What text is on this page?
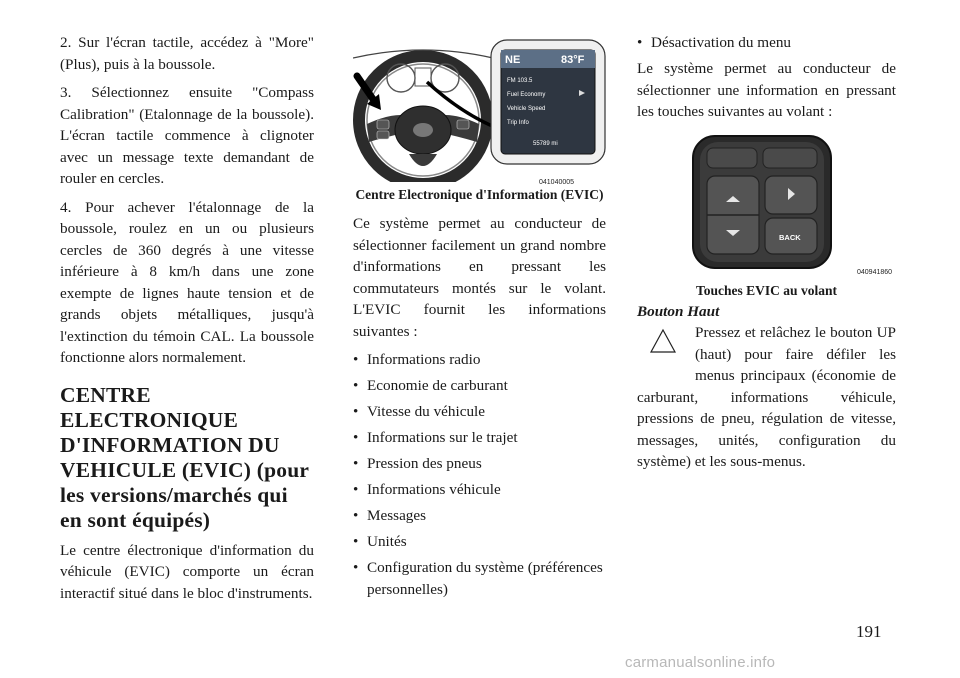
2. Sur l'écran tactile, accédez à "More" (Plus), puis à la boussole.

3. Sélectionnez ensuite "Compass Calibration" (Etalonnage de la boussole). L'écran tactile commence à clignoter avec un message texte demandant de rouler en cercles.

4. Pour achever l'étalonnage de la boussole, roulez en un ou plusieurs cercles de 360 degrés à une vitesse inférieure à 8 km/h dans une zone exempte de lignes haute tension et de grands objets métalliques, jusqu'à l'extinction du témoin CAL. La boussole fonctionne alors normalement.

CENTRE ELECTRONIQUE D'INFORMATION DU VEHICULE (EVIC) (pour les versions/marchés qui en sont équipés)

Le centre électronique d'information du véhicule (EVIC) comporte un écran interactif situé dans le bloc d'instruments.

NE	83°F
FM 103.5
Fuel Economy
Vehicle Speed
Trip Info
55789 mi
041040005
Centre Electronique d'Information (EVIC)

Ce système permet au conducteur de sélectionner facilement un grand nombre d'informations en pressant les commutateurs montés sur le volant. L'EVIC fournit les informations suivantes :

• Informations radio
• Economie de carburant
• Vitesse du véhicule
• Informations sur le trajet
• Pression des pneus
• Informations véhicule
• Messages
• Unités
• Configuration du système (préférences personnelles)
• Désactivation du menu

Le système permet au conducteur de sélectionner une information en pressant les touches suivantes au volant :

BACK
040941860
Touches EVIC au volant
Bouton Haut

Pressez et relâchez le bouton UP (haut) pour faire défiler les menus principaux (économie de carburant, informations véhicule, pressions de pneu, régulation de vitesse, messages, unités, configuration du système) et les sous-menus.

191
carmanualsonline.info
